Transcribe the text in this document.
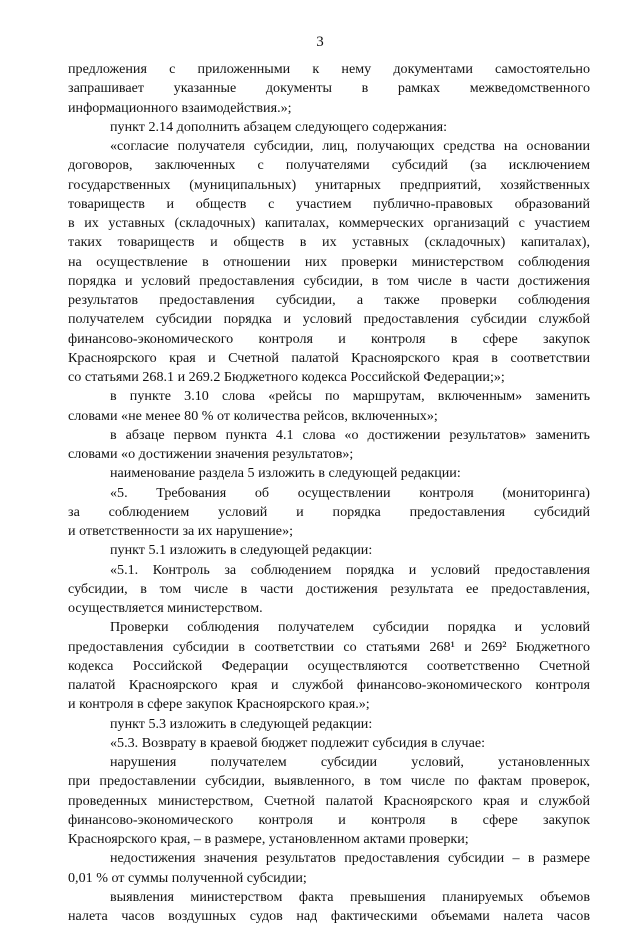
3
предложения с приложенными к нему документами самостоятельно
запрашивает указанные документы в рамках межведомственного
информационного взаимодействия.»;
пункт 2.14 дополнить абзацем следующего содержания:
«согласие получателя субсидии, лиц, получающих средства на основании
договоров, заключенных с получателями субсидий (за исключением
государственных (муниципальных) унитарных предприятий, хозяйственных
товариществ и обществ с участием публично-правовых образований
в их уставных (складочных) капиталах, коммерческих организаций с участием
таких товариществ и обществ в их уставных (складочных) капиталах),
на осуществление в отношении них проверки министерством соблюдения
порядка и условий предоставления субсидии, в том числе в части достижения
результатов предоставления субсидии, а также проверки соблюдения
получателем субсидии порядка и условий предоставления субсидии службой
финансово-экономического контроля и контроля в сфере закупок
Красноярского края и Счетной палатой Красноярского края в соответствии
со статьями 268.1 и 269.2 Бюджетного кодекса Российской Федерации;»;
в пункте 3.10 слова «рейсы по маршрутам, включенным» заменить
словами «не менее 80 % от количества рейсов, включенных»;
в абзаце первом пункта 4.1 слова «о достижении результатов» заменить
словами «о достижении значения результатов»;
наименование раздела 5 изложить в следующей редакции:
«5. Требования об осуществлении контроля (мониторинга)
за соблюдением условий и порядка предоставления субсидий
и ответственности за их нарушение»;
пункт 5.1 изложить в следующей редакции:
«5.1. Контроль за соблюдением порядка и условий предоставления
субсидии, в том числе в части достижения результата ее предоставления,
осуществляется министерством.
Проверки соблюдения получателем субсидии порядка и условий
предоставления субсидии в соответствии со статьями 268¹ и 269² Бюджетного
кодекса Российской Федерации осуществляются соответственно Счетной
палатой Красноярского края и службой финансово-экономического контроля
и контроля в сфере закупок Красноярского края.»;
пункт 5.3 изложить в следующей редакции:
«5.3. Возврату в краевой бюджет подлежит субсидия в случае:
нарушения получателем субсидии условий, установленных
при предоставлении субсидии, выявленного, в том числе по фактам проверок,
проведенных министерством, Счетной палатой Красноярского края и службой
финансово-экономического контроля и контроля в сфере закупок
Красноярского края, – в размере, установленном актами проверки;
недостижения значения результатов предоставления субсидии – в размере
0,01 % от суммы полученной субсидии;
выявления министерством факта превышения планируемых объемов
налета часов воздушных судов над фактическими объемами налета часов
